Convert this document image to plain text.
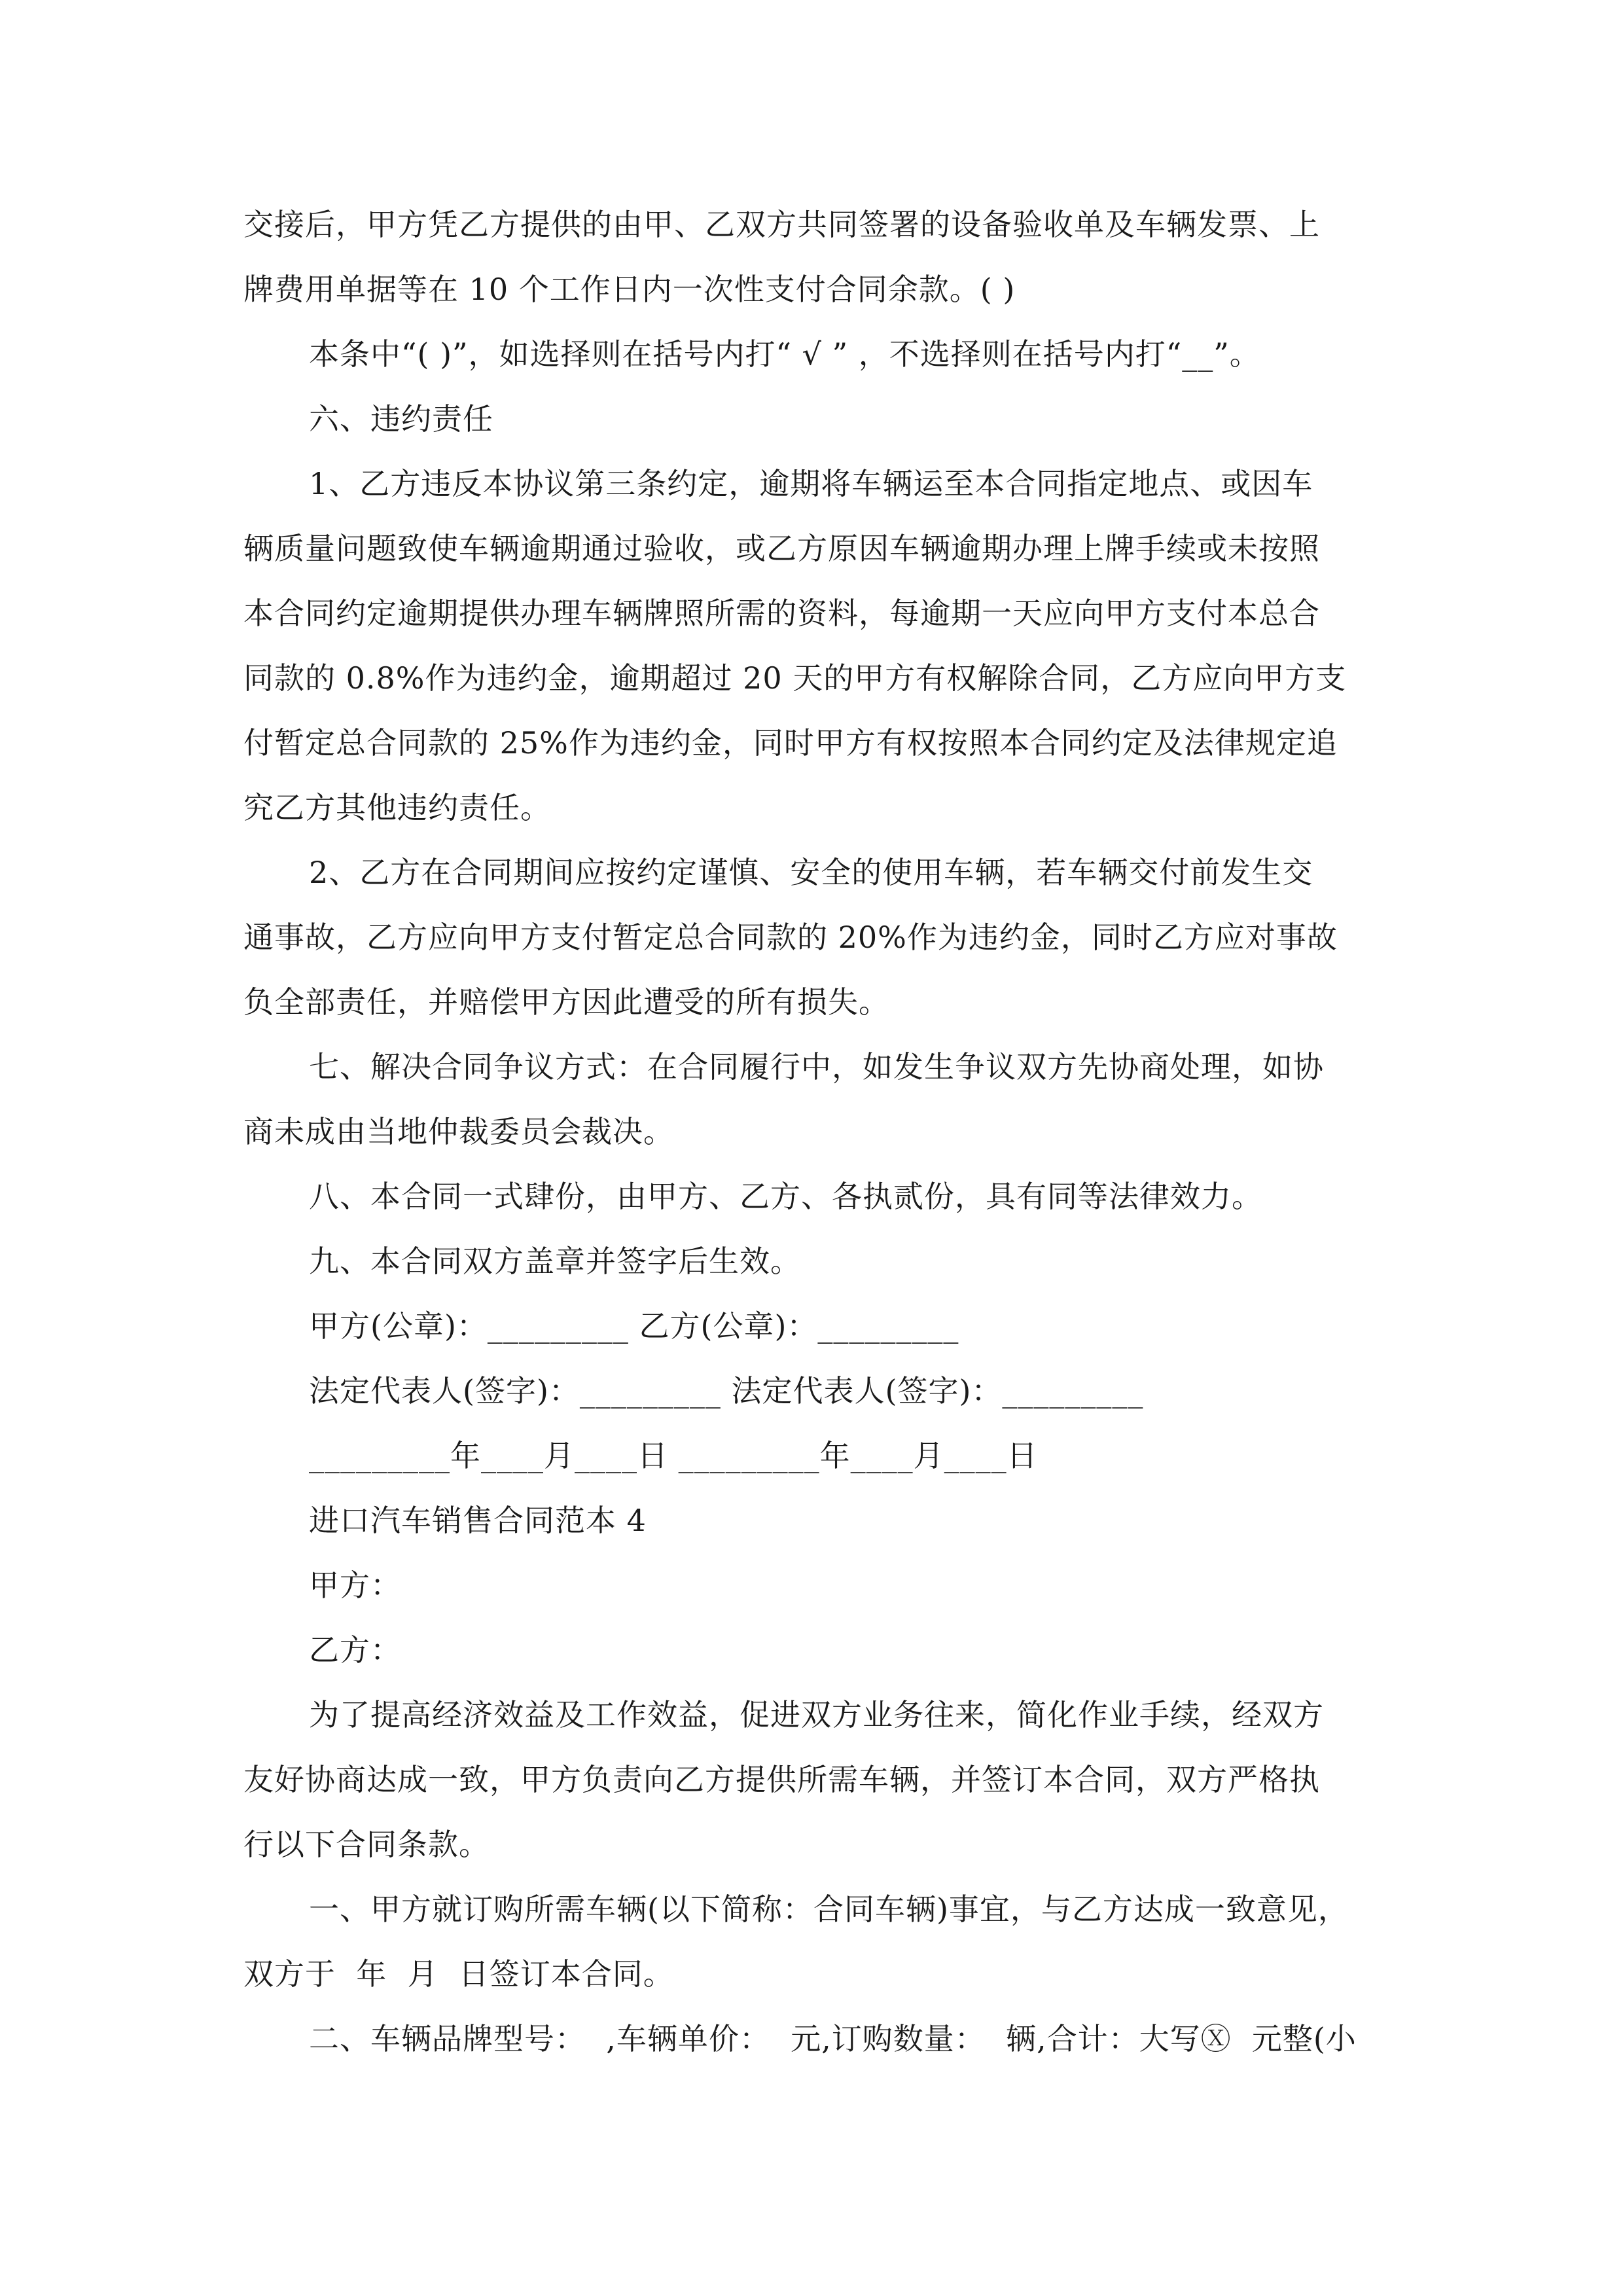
交接后，甲方凭乙方提供的由甲、乙双方共同签署的设备验收单及车辆发票、上
牌费用单据等在 10 个工作日内一次性支付合同余款。( )
本条中“( )”，如选择则在括号内打“ √ ” ，不选择则在括号内打“__”。
六、违约责任
1、乙方违反本协议第三条约定，逾期将车辆运至本合同指定地点、或因车
辆质量问题致使车辆逾期通过验收，或乙方原因车辆逾期办理上牌手续或未按照
本合同约定逾期提供办理车辆牌照所需的资料，每逾期一天应向甲方支付本总合
同款的 0.8%作为违约金，逾期超过 20 天的甲方有权解除合同，乙方应向甲方支
付暂定总合同款的 25%作为违约金，同时甲方有权按照本合同约定及法律规定追
究乙方其他违约责任。
2、乙方在合同期间应按约定谨慎、安全的使用车辆，若车辆交付前发生交
通事故，乙方应向甲方支付暂定总合同款的 20%作为违约金，同时乙方应对事故
负全部责任，并赔偿甲方因此遭受的所有损失。
七、解决合同争议方式：在合同履行中，如发生争议双方先协商处理，如协
商未成由当地仲裁委员会裁决。
八、本合同一式肆份，由甲方、乙方、各执贰份，具有同等法律效力。
九、本合同双方盖章并签字后生效。
甲方(公章)：_________ 乙方(公章)：_________
法定代表人(签字)：_________ 法定代表人(签字)：_________
_________年____月____日 _________年____月____日
进口汽车销售合同范本 4
甲方：
乙方：
为了提高经济效益及工作效益，促进双方业务往来，简化作业手续，经双方
友好协商达成一致，甲方负责向乙方提供所需车辆，并签订本合同，双方严格执
行以下合同条款。
一、甲方就订购所需车辆(以下简称：合同车辆)事宜，与乙方达成一致意见，
双方于  年  月  日签订本合同。
二、车辆品牌型号：  ,车辆单价：  元,订购数量：  辆,合计：大写Ⓧ  元整(小
